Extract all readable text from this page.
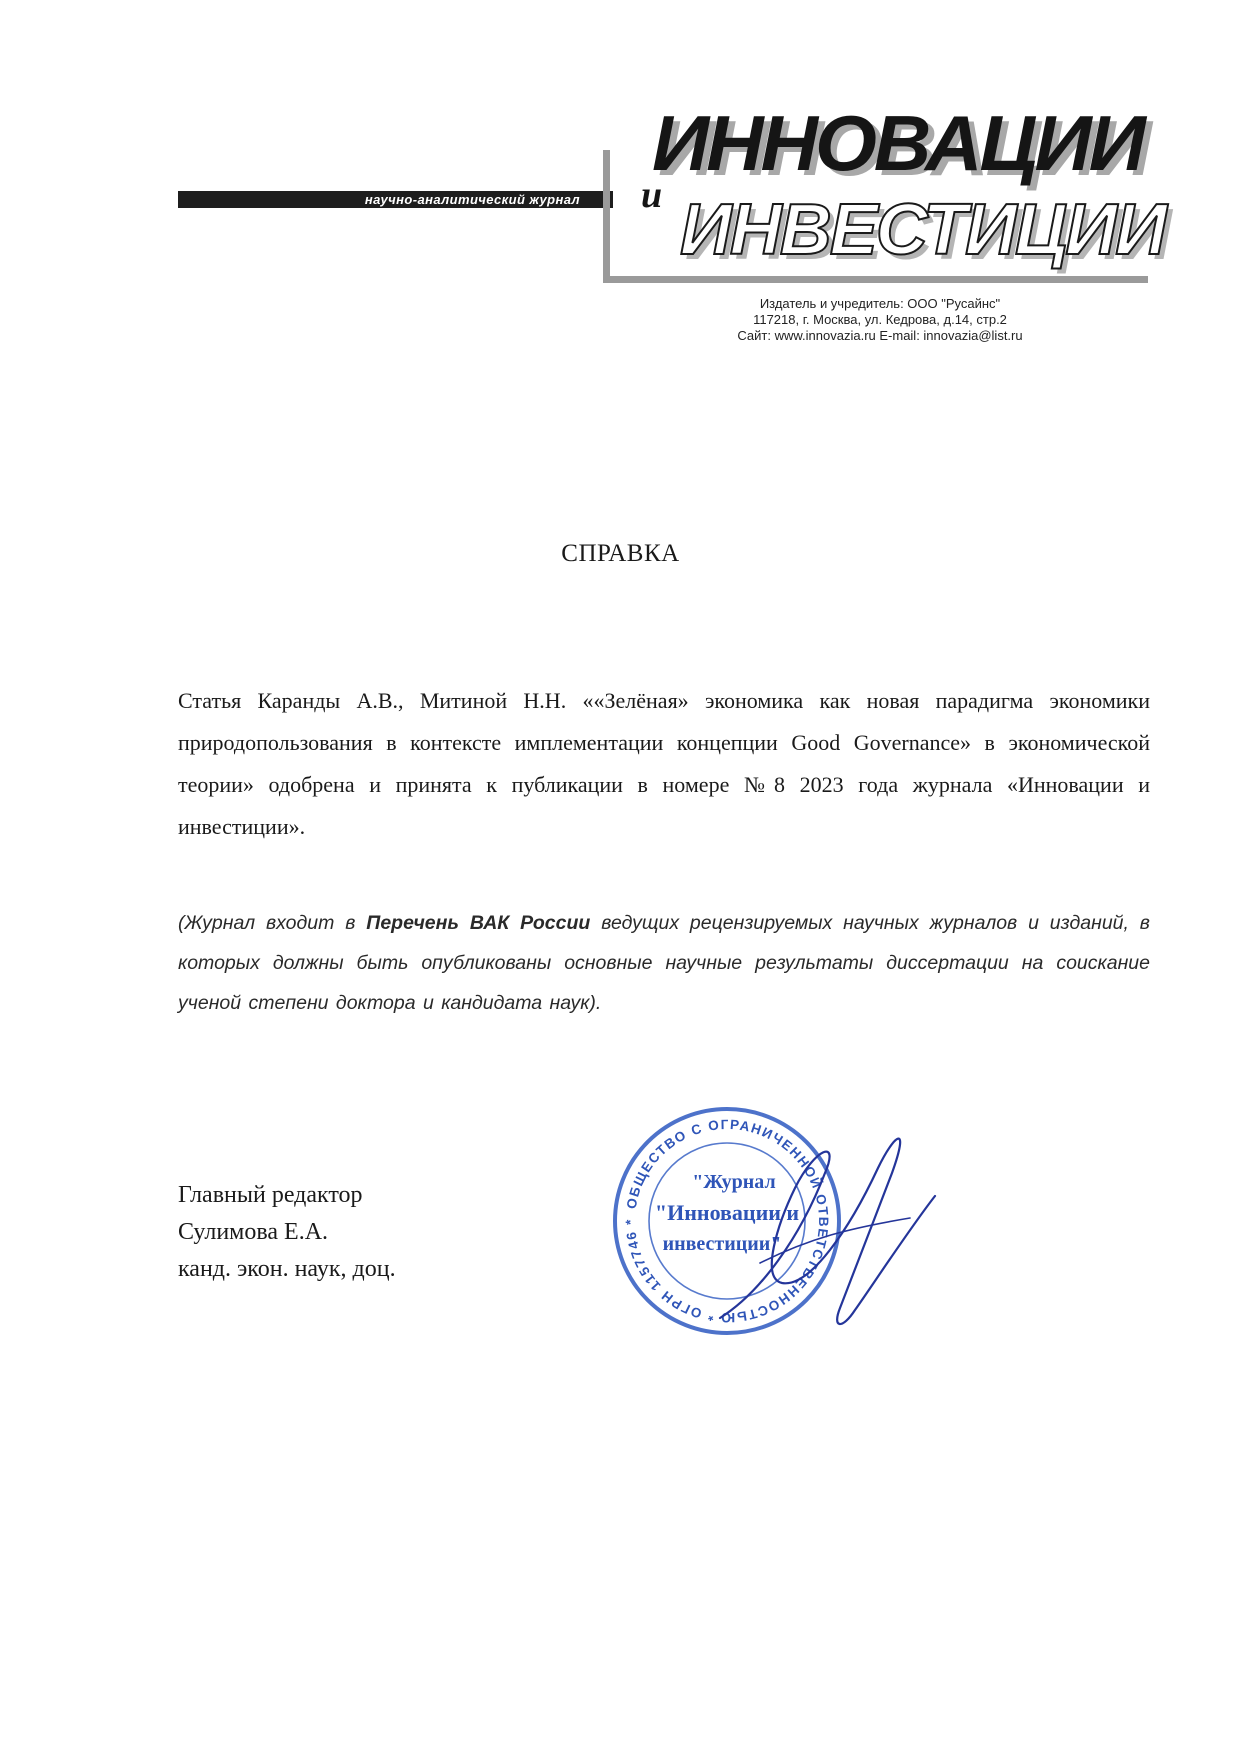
научно-аналитический журнал
ИННОВАЦИИ
и ИНВЕСТИЦИИ
Издатель и учредитель: ООО "Русайнс"
117218, г. Москва, ул. Кедрова, д.14, стр.2
Сайт: www.innovazia.ru E-mail: innovazia@list.ru
СПРАВКА
Статья Каранды А.В., Митиной Н.Н. ««Зелёная» экономика как новая парадигма экономики природопользования в контексте имплементации концепции Good Governance» в экономической теории» одобрена и принята к публикации в номере №8 2023 года журнала «Инновации и инвестиции».
(Журнал входит в Перечень ВАК России ведущих рецензируемых научных журналов и изданий, в которых должны быть опубликованы основные научные результаты диссертации на соискание ученой степени доктора и кандидата наук).
Главный редактор
Сулимова Е.А.
канд. экон. наук, доц.
ОБЩЕСТВО С ОГРАНИЧЕННОЙ ОТВЕТСТВЕННОСТЬЮ * ОГРН 1157746 *
"Журнал
"Инновации и
инвестиции"
